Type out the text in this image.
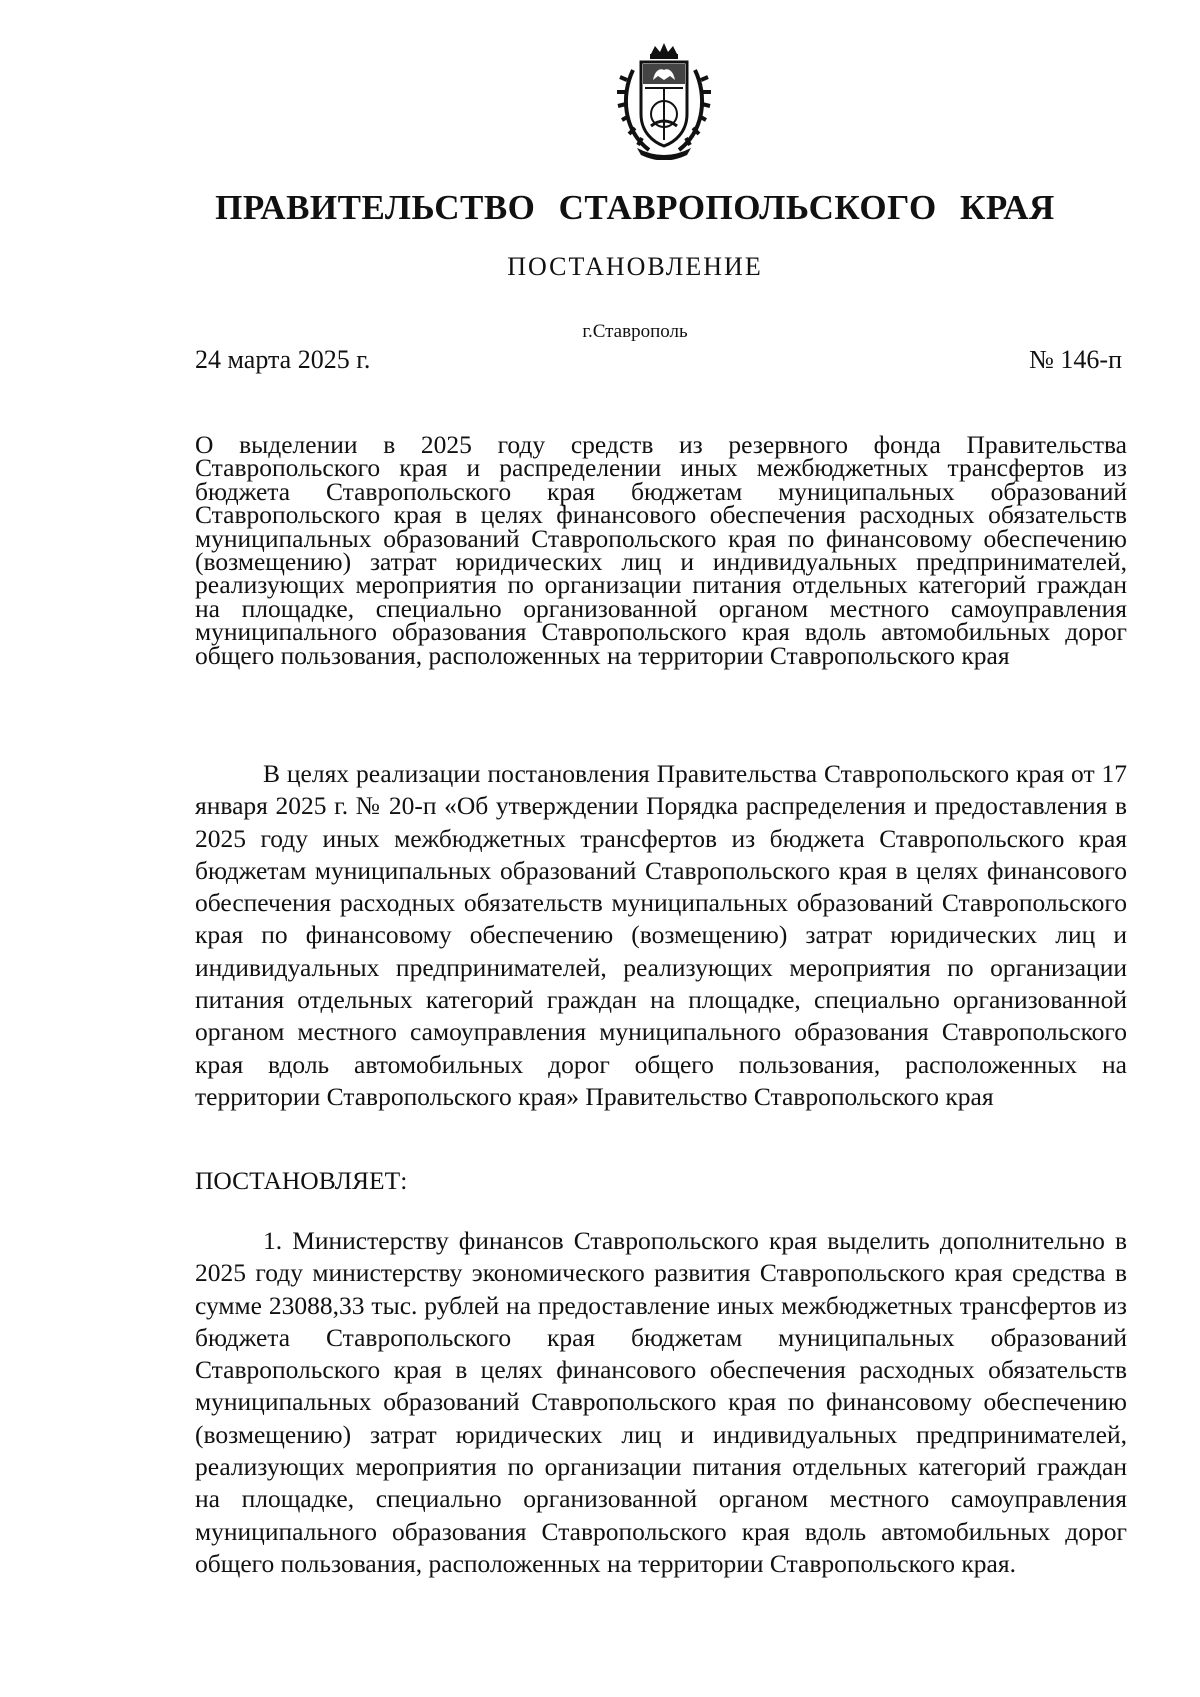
ПРАВИТЕЛЬСТВО СТАВРОПОЛЬСКОГО КРАЯ
ПОСТАНОВЛЕНИЕ
г.Ставрополь
24 марта 2025 г.	№ 146-п

О выделении в 2025 году средств из резервного фонда Правительства Ставропольского края и распределении иных межбюджетных трансфертов из бюджета Ставропольского края бюджетам муниципальных образований Ставропольского края в целях финансового обеспечения расходных обязательств муниципальных образований Ставропольского края по финансовому обеспечению (возмещению) затрат юридических лиц и индивидуальных предпринимателей, реализующих мероприятия по организации питания отдельных категорий граждан на площадке, специально организованной органом местного самоуправления муниципального образования Ставропольского края вдоль автомобильных дорог общего пользования, расположенных на территории Ставропольского края

В целях реализации постановления Правительства Ставропольского края от 17 января 2025 г. № 20-п «Об утверждении Порядка распределения и предоставления в 2025 году иных межбюджетных трансфертов из бюджета Ставропольского края бюджетам муниципальных образований Ставропольского края в целях финансового обеспечения расходных обязательств муниципальных образований Ставропольского края по финансовому обеспечению (возмещению) затрат юридических лиц и индивидуальных предпринимателей, реализующих мероприятия по организации питания отдельных категорий граждан на площадке, специально организованной органом местного самоуправления муниципального образования Ставропольского края вдоль автомобильных дорог общего пользования, расположенных на территории Ставропольского края» Правительство Ставропольского края

ПОСТАНОВЛЯЕТ:

1. Министерству финансов Ставропольского края выделить дополнительно в 2025 году министерству экономического развития Ставропольского края средства в сумме 23088,33 тыс. рублей на предоставление иных межбюджетных трансфертов из бюджета Ставропольского края бюджетам муниципальных образований Ставропольского края в целях финансового обеспечения расходных обязательств муниципальных образований Ставропольского края по финансовому обеспечению (возмещению) затрат юридических лиц и индивидуальных предпринимателей, реализующих мероприятия по организации питания отдельных категорий граждан на площадке, специально организованной органом местного самоуправления муниципального образования Ставропольского края вдоль автомобильных дорог общего пользования, расположенных на территории Ставропольского края.
